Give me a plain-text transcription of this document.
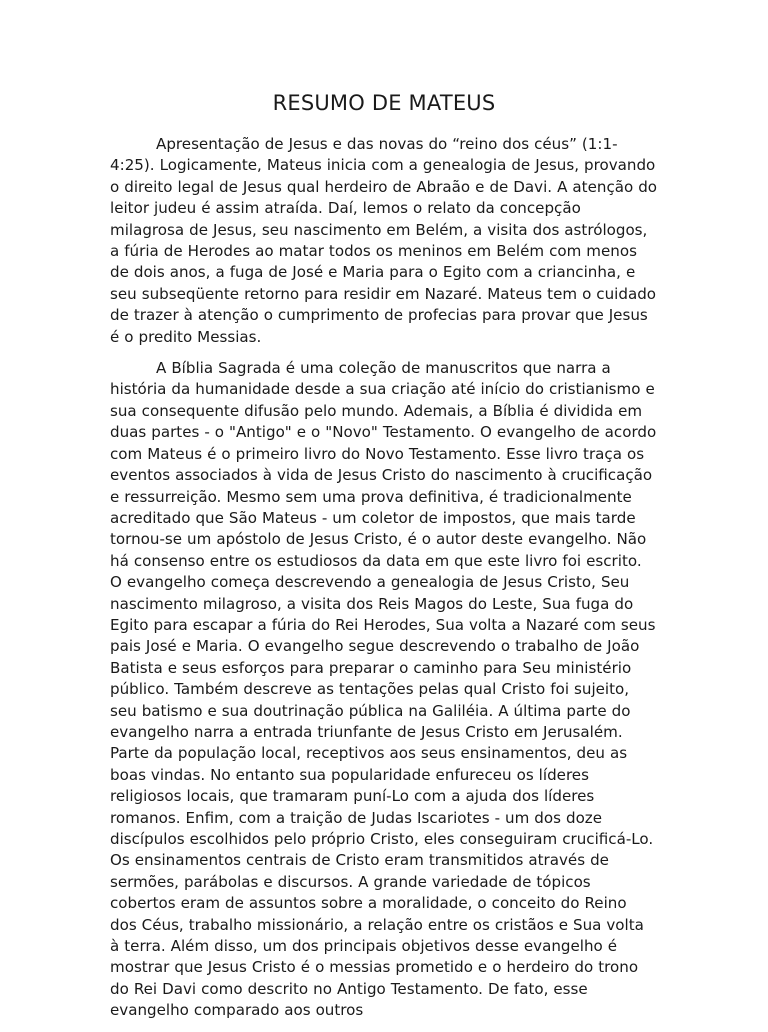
RESUMO DE MATEUS

Apresentação de Jesus e das novas do “reino dos céus” (1:1-4:25). Logicamente, Mateus inicia com a genealogia de Jesus, provando o direito legal de Jesus qual herdeiro de Abraão e de Davi. A atenção do leitor judeu é assim atraída. Daí, lemos o relato da concepção milagrosa de Jesus, seu nascimento em Belém, a visita dos astrólogos, a fúria de Herodes ao matar todos os meninos em Belém com menos de dois anos, a fuga de José e Maria para o Egito com a criancinha, e seu subseqüente retorno para residir em Nazaré. Mateus tem o cuidado de trazer à atenção o cumprimento de profecias para provar que Jesus é o predito Messias.

A Bíblia Sagrada é uma coleção de manuscritos que narra a história da humanidade desde a sua criação até início do cristianismo e sua consequente difusão pelo mundo. Ademais, a Bíblia é dividida em duas partes - o "Antigo" e o "Novo" Testamento. O evangelho de acordo com Mateus é o primeiro livro do Novo Testamento. Esse livro traça os eventos associados à vida de Jesus Cristo do nascimento à crucificação e ressurreição. Mesmo sem uma prova definitiva, é tradicionalmente acreditado que São Mateus - um coletor de impostos, que mais tarde tornou-se um apóstolo de Jesus Cristo, é o autor deste evangelho. Não há consenso entre os estudiosos da data em que este livro foi escrito. O evangelho começa descrevendo a genealogia de Jesus Cristo, Seu nascimento milagroso, a visita dos Reis Magos do Leste, Sua fuga do Egito para escapar a fúria do Rei Herodes, Sua volta a Nazaré com seus pais José e Maria. O evangelho segue descrevendo o trabalho de João Batista e seus esforços para preparar o caminho para Seu ministério público. Também descreve as tentações pelas qual Cristo foi sujeito, seu batismo e sua doutrinação pública na Galiléia. A última parte do evangelho narra a entrada triunfante de Jesus Cristo em Jerusalém. Parte da população local, receptivos aos seus ensinamentos, deu as boas vindas. No entanto sua popularidade enfureceu os líderes religiosos locais, que tramaram puní-Lo com a ajuda dos líderes romanos. Enfim, com a traição de Judas Iscariotes - um dos doze discípulos escolhidos pelo próprio Cristo, eles conseguiram crucificá-Lo. Os ensinamentos centrais de Cristo eram transmitidos através de sermões, parábolas e discursos. A grande variedade de tópicos cobertos eram de assuntos sobre a moralidade, o conceito do Reino dos Céus, trabalho missionário, a relação entre os cristãos e Sua volta à terra. Além disso, um dos principais objetivos desse evangelho é mostrar que Jesus Cristo é o messias prometido e o herdeiro do trono do Rei Davi como descrito no Antigo Testamento. De fato, esse evangelho comparado aos outros
